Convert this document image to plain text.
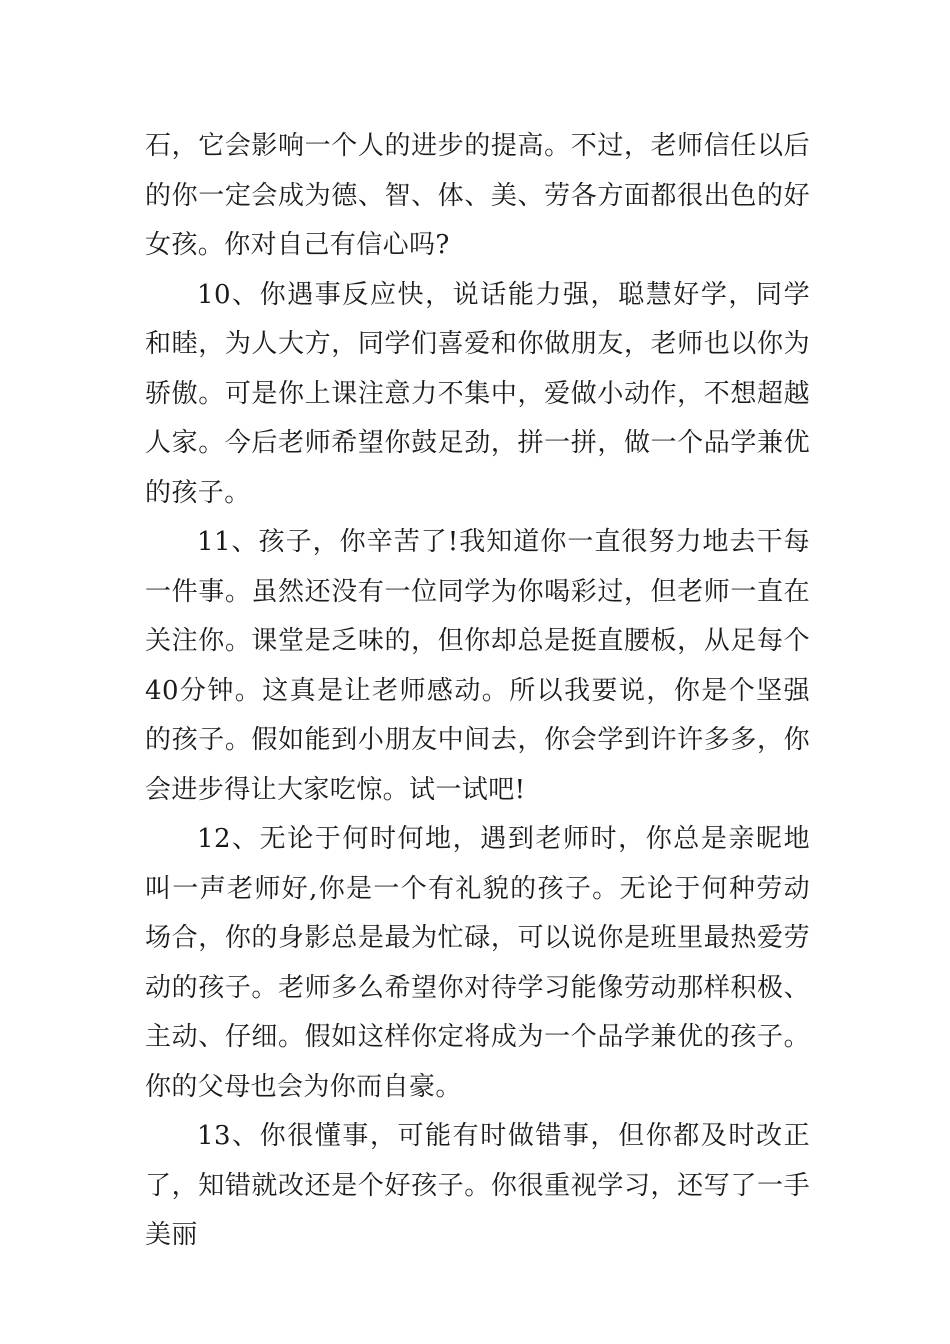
石，它会影响一个人的进步的提高。不过，老师信任以后的你一定会成为德、智、体、美、劳各方面都很出色的好女孩。你对自己有信心吗?

10、你遇事反应快，说话能力强，聪慧好学，同学和睦，为人大方，同学们喜爱和你做朋友，老师也以你为骄傲。可是你上课注意力不集中，爱做小动作，不想超越人家。今后老师希望你鼓足劲，拼一拼，做一个品学兼优的孩子。

11、孩子，你辛苦了!我知道你一直很努力地去干每一件事。虽然还没有一位同学为你喝彩过，但老师一直在关注你。课堂是乏味的，但你却总是挺直腰板，从足每个40分钟。这真是让老师感动。所以我要说，你是个坚强的孩子。假如能到小朋友中间去，你会学到许许多多，你会进步得让大家吃惊。试一试吧!

12、无论于何时何地，遇到老师时，你总是亲昵地叫一声老师好,你是一个有礼貌的孩子。无论于何种劳动场合，你的身影总是最为忙碌，可以说你是班里最热爱劳动的孩子。老师多么希望你对待学习能像劳动那样积极、主动、仔细。假如这样你定将成为一个品学兼优的孩子。你的父母也会为你而自豪。

13、你很懂事，可能有时做错事，但你都及时改正了，知错就改还是个好孩子。你很重视学习，还写了一手美丽
